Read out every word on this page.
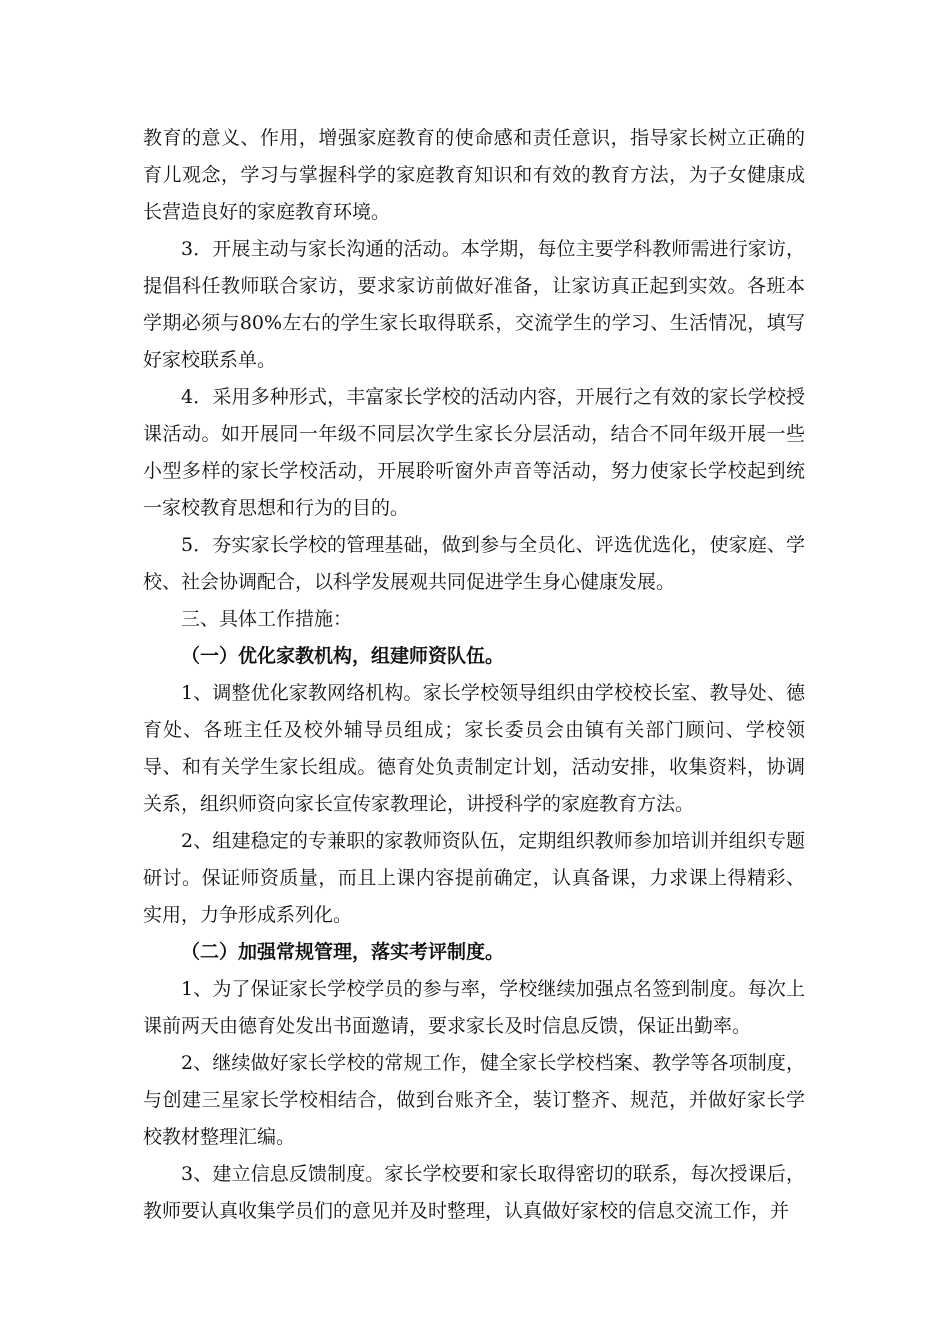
教育的意义、作用，增强家庭教育的使命感和责任意识，指导家长树立正确的育儿观念，学习与掌握科学的家庭教育知识和有效的教育方法，为子女健康成长营造良好的家庭教育环境。

3．开展主动与家长沟通的活动。本学期，每位主要学科教师需进行家访，提倡科任教师联合家访，要求家访前做好准备，让家访真正起到实效。各班本学期必须与80%左右的学生家长取得联系，交流学生的学习、生活情况，填写好家校联系单。

4．采用多种形式，丰富家长学校的活动内容，开展行之有效的家长学校授课活动。如开展同一年级不同层次学生家长分层活动，结合不同年级开展一些小型多样的家长学校活动，开展聆听窗外声音等活动，努力使家长学校起到统一家校教育思想和行为的目的。

5．夯实家长学校的管理基础，做到参与全员化、评选优选化，使家庭、学校、社会协调配合，以科学发展观共同促进学生身心健康发展。

三、具体工作措施：

（一）优化家教机构，组建师资队伍。

1、调整优化家教网络机构。家长学校领导组织由学校校长室、教导处、德育处、各班主任及校外辅导员组成；家长委员会由镇有关部门顾问、学校领导、和有关学生家长组成。德育处负责制定计划，活动安排，收集资料，协调关系，组织师资向家长宣传家教理论，讲授科学的家庭教育方法。

2、组建稳定的专兼职的家教师资队伍，定期组织教师参加培训并组织专题研讨。保证师资质量，而且上课内容提前确定，认真备课，力求课上得精彩、实用，力争形成系列化。

（二）加强常规管理，落实考评制度。

1、为了保证家长学校学员的参与率，学校继续加强点名签到制度。每次上课前两天由德育处发出书面邀请，要求家长及时信息反馈，保证出勤率。

2、继续做好家长学校的常规工作，健全家长学校档案、教学等各项制度，与创建三星家长学校相结合，做到台账齐全，装订整齐、规范，并做好家长学校教材整理汇编。

3、建立信息反馈制度。家长学校要和家长取得密切的联系，每次授课后，教师要认真收集学员们的意见并及时整理，认真做好家校的信息交流工作，并
